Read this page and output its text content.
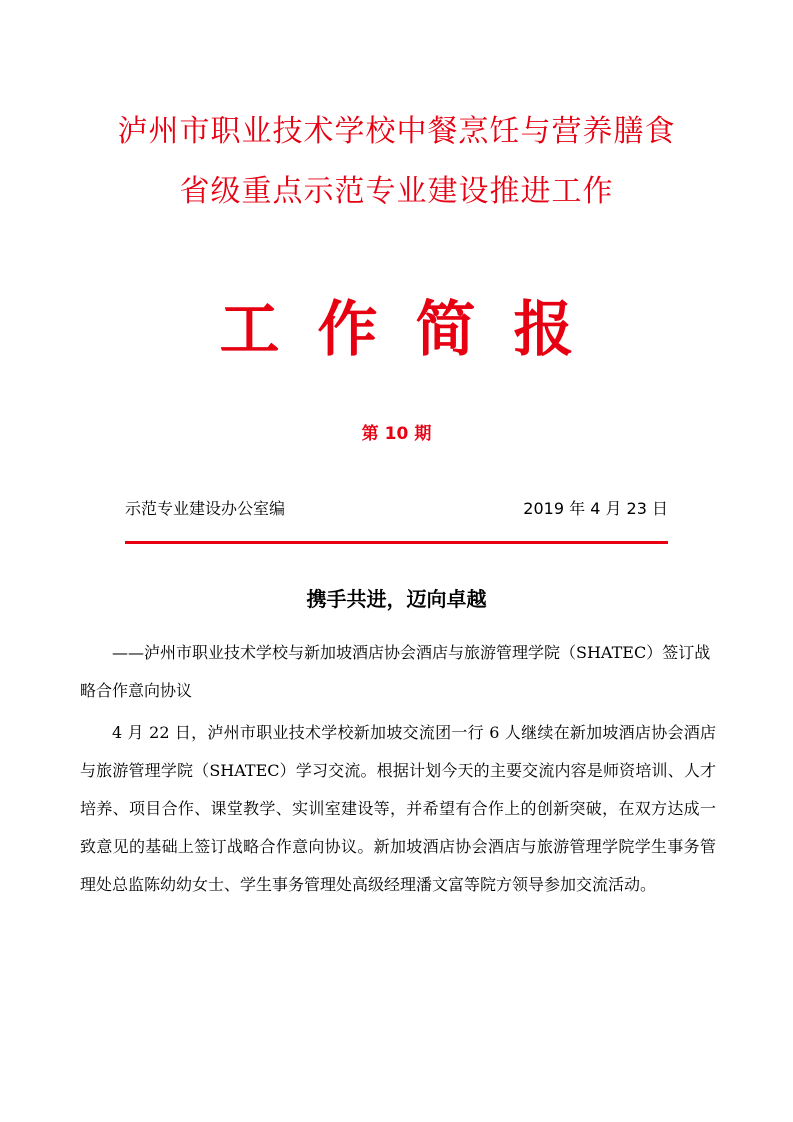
泸州市职业技术学校中餐烹饪与营养膳食
省级重点示范专业建设推进工作
工作简报
第 10 期
示范专业建设办公室编	2019 年 4 月 23 日
携手共进，迈向卓越
——泸州市职业技术学校与新加坡酒店协会酒店与旅游管理学院（SHATEC）签订战略合作意向协议
4 月 22 日，泸州市职业技术学校新加坡交流团一行 6 人继续在新加坡酒店协会酒店与旅游管理学院（SHATEC）学习交流。根据计划今天的主要交流内容是师资培训、人才培养、项目合作、课堂教学、实训室建设等，并希望有合作上的创新突破，在双方达成一致意见的基础上签订战略合作意向协议。新加坡酒店协会酒店与旅游管理学院学生事务管理处总监陈幼幼女士、学生事务管理处高级经理潘文富等院方领导参加交流活动。
